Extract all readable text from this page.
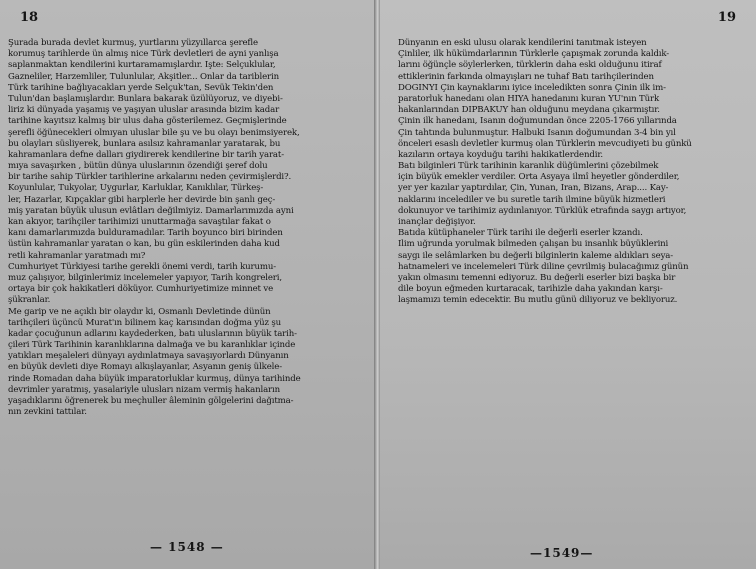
18
Şurada burada devlet kurmuş, yurtlarını yüzyıllarca şerefle
korumuş tarihlerde ün almış nice Türk devletleri de ayni yanlışa
saplanmaktan kendilerini kurtaramamışlardır. İşte: Selçuklular,
Gazneliler, Harzemliler, Tulunlular, Akşitler... Onlar da tariblerin
Türk tarihine bağlıyacakları yerde Selçuk'tan, Sevük Tekin'den
Tulun'dan başlamışlardır. Bunlara bakarak üzülüyoruz, ve diyebi-
liriz ki dünyada yaşamış ve yaşıyan uluslar arasında bizim kadar
tarihine kayıtsız kalmış bir ulus daha gösterilemez. Geçmişlerinde
şerefli öğünecekleri olmıyan uluslar bile şu ve bu olayı benimsiyerek,
bu olayları süsliyerek, bunlara asılsız kahramanlar yaratarak, bu
kahramanlara defne dalları giydirerek kendilerine bir tarih yarat-
mıya savaşırken , bütün dünya uluslarının özendiği şeref dolu
bir tarihe sahip Türkler tarihlerine arkalarını neden çevirmişlerdi?.
Koyunlular, Tukyolar, Uygurlar, Karluklar, Kanıklılar, Türkeş-
ler, Hazarlar, Kıpçaklar gibi harplerle her devirde bin şanlı geç-
miş yaratan büyük ulusun evlâtları değilmiyiz. Damarlarımızda ayni
kan akıyor, tarihçiler tarihimizi unuttarmağa savaştılar fakat o
kanı damarlarımızda bulduramadılar. Tarih boyunco biri birinden
üstün kahramanlar yaratan o kan, bu gün eskilerinden daha kud
retli kahramanlar yaratmadı mı?
Cumhuriyet Türkiyesi tarihe gerekli önemi verdi, tarih kurumu-
muz çalışıyor, bilginlerimiz incelemeler yapıyor, Tarih kongreleri,
ortaya bir çok hakikatleri döküyor. Cumhuriyetimize minnet ve
şükranlar.
Me garip ve ne açıklı bir olaydır ki, Osmanlı Devletinde dünün
tarihçileri üçüncü Murat'ın bilinem kaç karısından doğma yüz şu
kadar çocuğunun adlarını kaydederken, batı uluslarının büyük tarih-
çileri Türk Tarihinin karanlıklarına dalmağa ve bu karanlıklar içinde
yatıkları meşaleleri dünyayı aydınlatmaya savaşıyorlardı Dünyanın
en büyük devleti diye Romayı alkışlayanlar, Asyanın geniş ülkele-
rinde Romadan daha büyük imparatorluklar kurmuş, dünya tarihinde
devrimler yaratmış, yasalariyle ulusları nizam vermiş hakanların
yaşadıklarını öğrenerek bu meçhuller âleminin gölgelerini dağıtma-
nın zevkini tattılar.
— 1548 —
19
Dünyanın en eski ulusu olarak kendilerini tanıtmak isteyen
Çinliler, ilk hükümdarlarının Türklerle çapışmak zorunda kaldık-
larını öğünçle söylerlerken, türklerin daha eski olduğunu itiraf
ettiklerinin farkında olmayışları ne tuhaf Batı tarihçilerinden
DÖGİNYİ Çin kaynaklarını iyice inceledikten sonra Çinin ilk im-
paratorluk hanedanı olan HİYA hanedanını kuran YU'nın Türk
hakanlarından DİPBAKUY han olduğunu meydana çıkarmıştır.
Çinin ilk hanedanı, İsanın doğumundan önce 2205-1766 yıllarında
Çin tahtında bulunmuştur. Halbuki İsanın doğumundan 3-4 bin yıl
önceleri esaslı devletler kurmuş olan Türklerin mevcudiyeti bu günkü
kazıların ortaya koyduğu tarihi hakikatlerdendir.
Batı bilginleri Türk tarihinin karanlık düğümlerini çözebilmek
için büyük emekler verdiler. Orta Asyaya ilmî heyetler gönderdiler,
yer yer kazılar yaptırdılar, Çin, Yunan, İran, Bizans, Arap.... Kay-
naklarını incelediler ve bu suretle tarih ilmine büyük hizmetleri
dokunuyor ve tarihimiz aydınlanıyor. Türklük etrafında saygı artıyor,
inançlar değişiyor.
Batıda kütüphaneler Türk tarihi ile değerli eserler kzandı.
İlim uğrunda yorulmak bilmeden çalışan bu insanlık büyüklerini
saygı ile selâmlarken bu değerli bilginlerin kaleme aldıkları seya-
hatnameleri ve incelemeleri Türk diline çevrilmiş bulacağımız günün
yakın olmasını temenni ediyoruz. Bu değerli eserler bizi başka bir
dile boyun eğmeden kurtaracak, tarihizle daha yakından karşı-
laşmamızı temin edecektir. Bu mutlu günü diliyoruz ve bekliyoruz.
—1549—
